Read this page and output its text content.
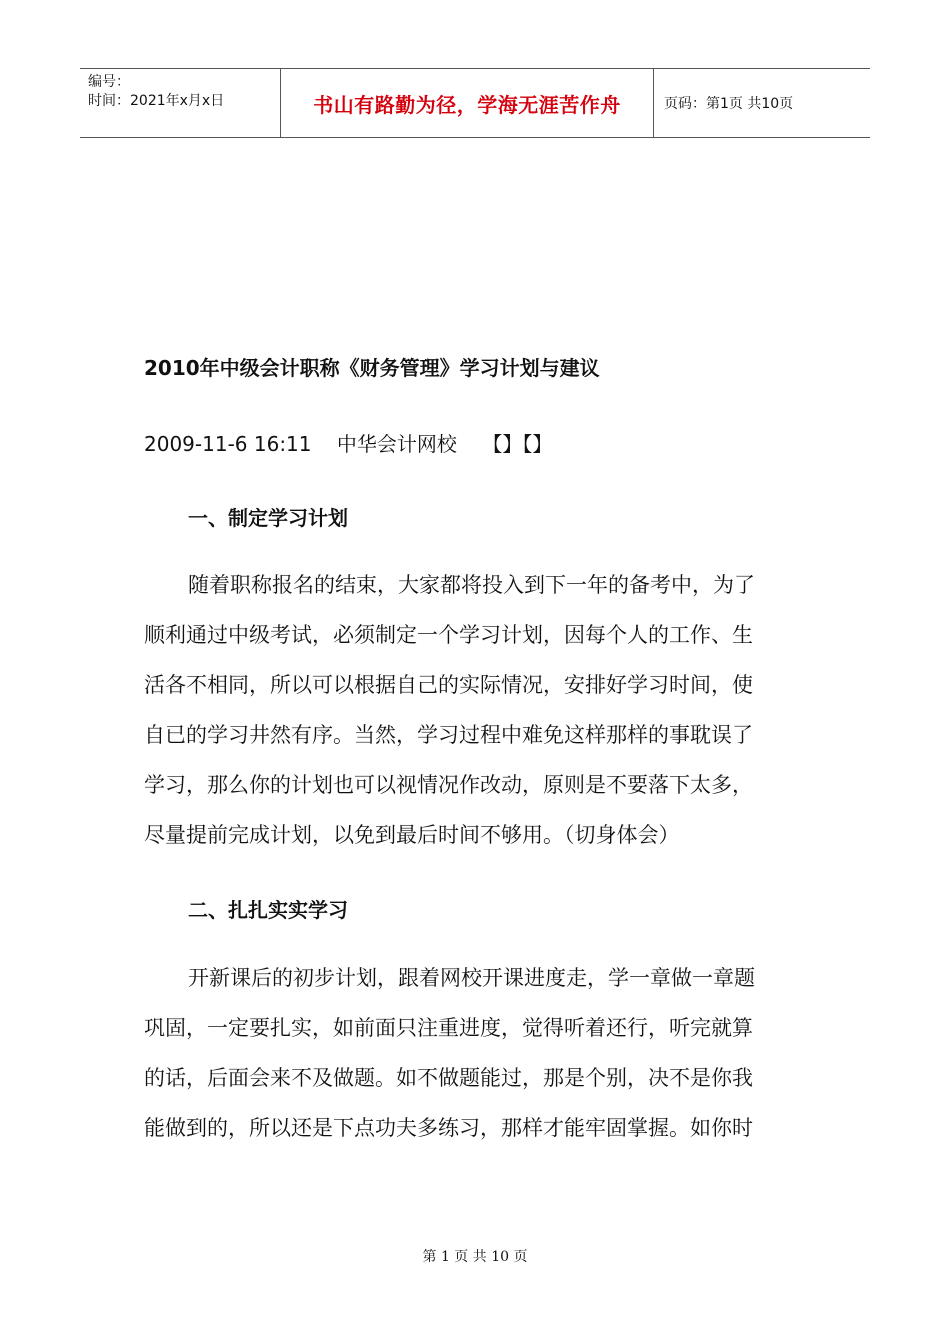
编号：
时间：2021年x月x日	书山有路勤为径，学海无涯苦作舟	页码：第1页 共10页
2010年中级会计职称《财务管理》学习计划与建议
2009-11-6 16:11    中华会计网校    【】【】
一、制定学习计划

随着职称报名的结束，大家都将投入到下一年的备考中，为了
顺利通过中级考试，必须制定一个学习计划，因每个人的工作、生
活各不相同，所以可以根据自己的实际情况，安排好学习时间，使
自已的学习井然有序。当然，学习过程中难免这样那样的事耽误了
学习，那么你的计划也可以视情况作改动，原则是不要落下太多，
尽量提前完成计划，以免到最后时间不够用。（切身体会）

二、扎扎实实学习

开新课后的初步计划，跟着网校开课进度走，学一章做一章题
巩固，一定要扎实，如前面只注重进度，觉得听着还行，听完就算
的话，后面会来不及做题。如不做题能过，那是个别，决不是你我
能做到的，所以还是下点功夫多练习，那样才能牢固掌握。如你时

第 1 页 共 10 页
